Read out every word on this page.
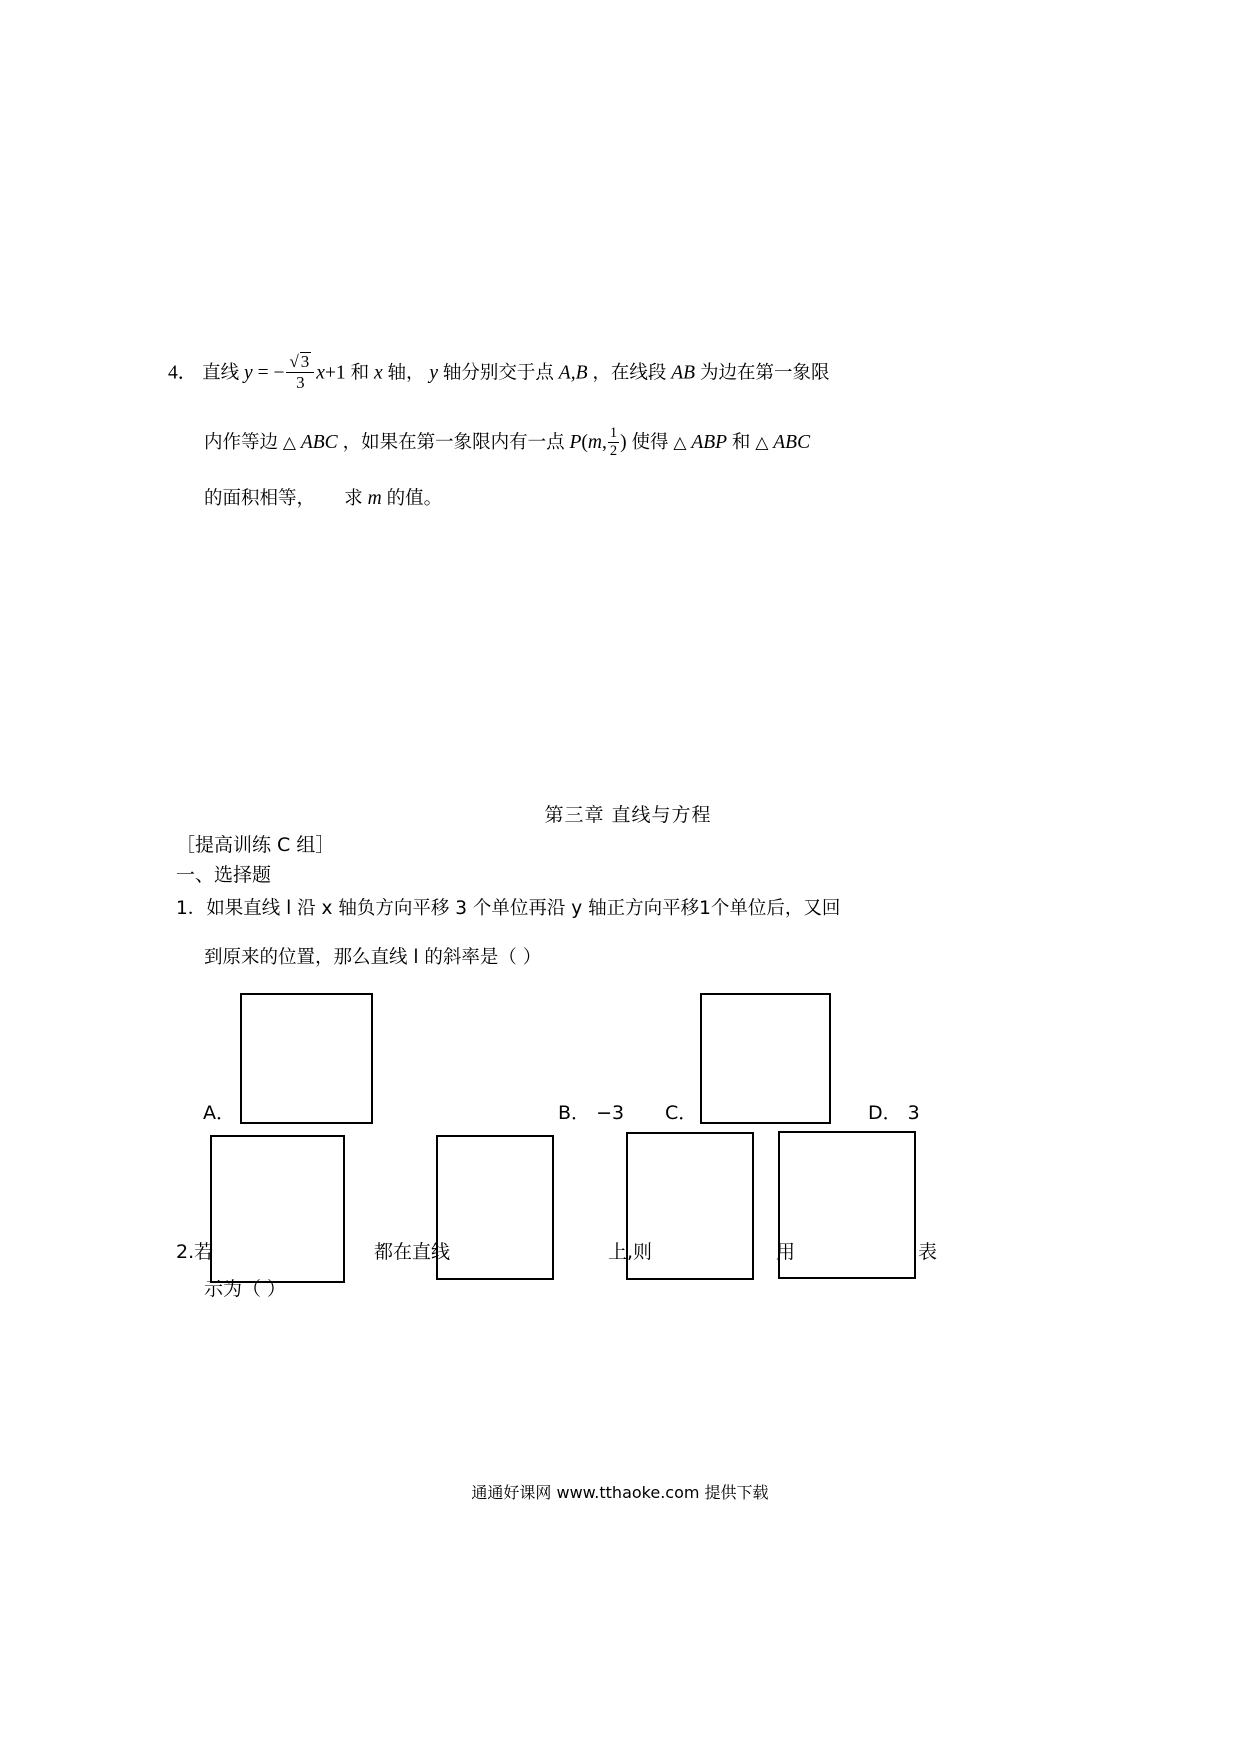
4． 直线 y = − $\frac{√ 3}{3} x+1$ 和 x 轴， y 轴分别交于点 A,B ，在线段 AB 为边在第一象限
内作等边 △ ABC ，如果在第一象限内有一点 P(m, $\frac{1}{2}$ ) 使得 △ ABP 和 △ ABC
的面积相等， 求 m 的值。
第三章 直线与方程
［提高训练 C 组］
一、选择题
1．如果直线 l 沿 x 轴负方向平移 3 个单位再沿 y 轴正方向平移1个单位后，又回
到原来的位置，那么直线 l 的斜率是（ ）
A．	B． −3 C．	D． 3
2.若	都在直线	上,则	用	表
示为（ ）
通通好课网 www.tthaoke.com 提供下载
